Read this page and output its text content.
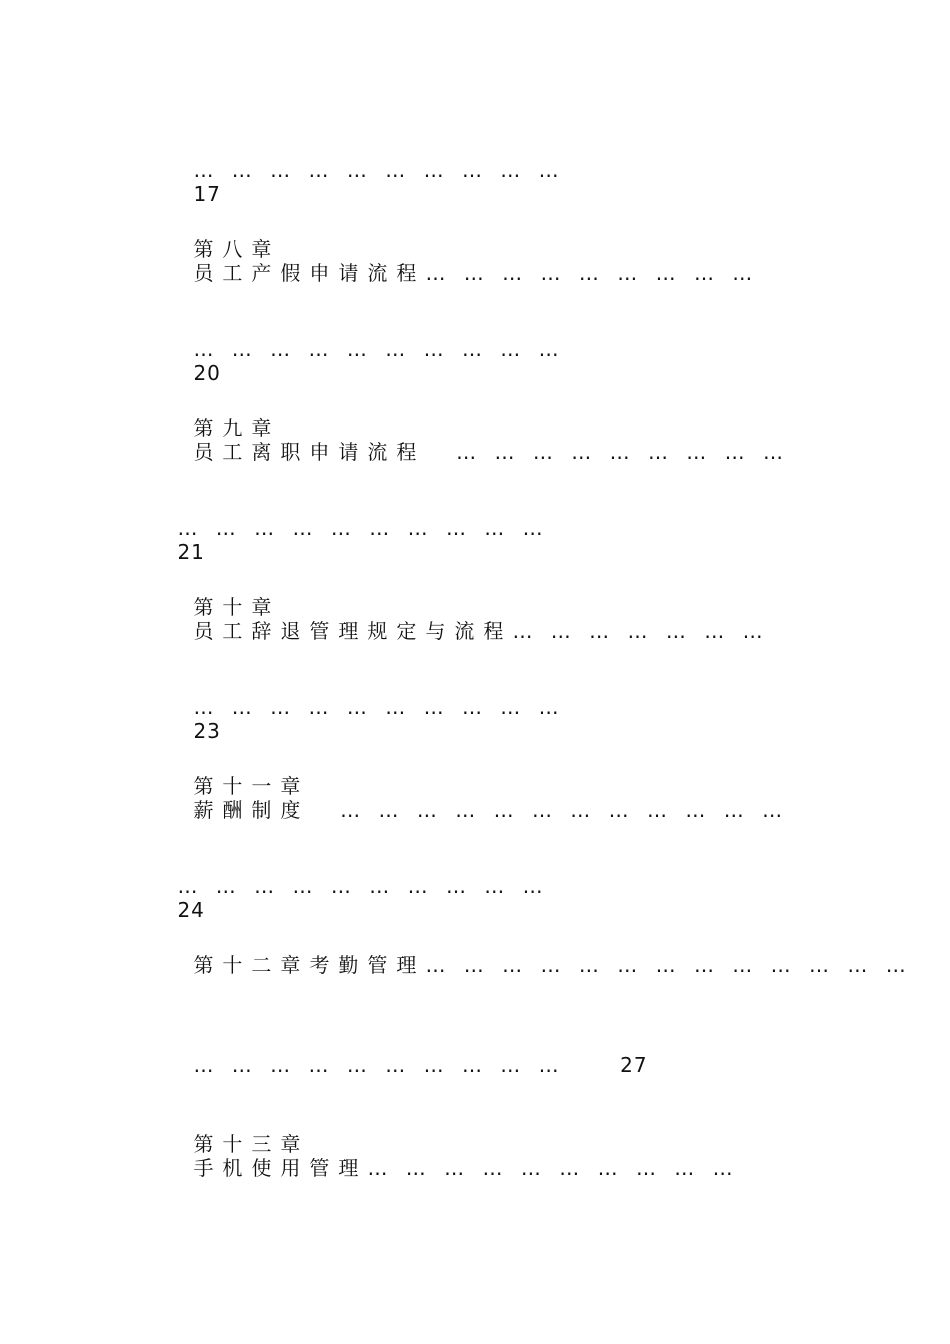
… … … … … … … … … …
17

第八章
员工产假申请流程… … … … … … … … …

… … … … … … … … … …
20

第九章
员工离职申请流程 … … … … … … … … …

… … … … … … … … … …
21

第十章
员工辞退管理规定与流程… … … … … … …

… … … … … … … … … …
23

第十一章
薪酬制度 … … … … … … … … … … … …

… … … … … … … … … …
24

第十二章考勤管理… … … … … … … … … … … … …

… … … … … … … … … …	27

第十三章
手机使用管理… … … … … … … … … …
